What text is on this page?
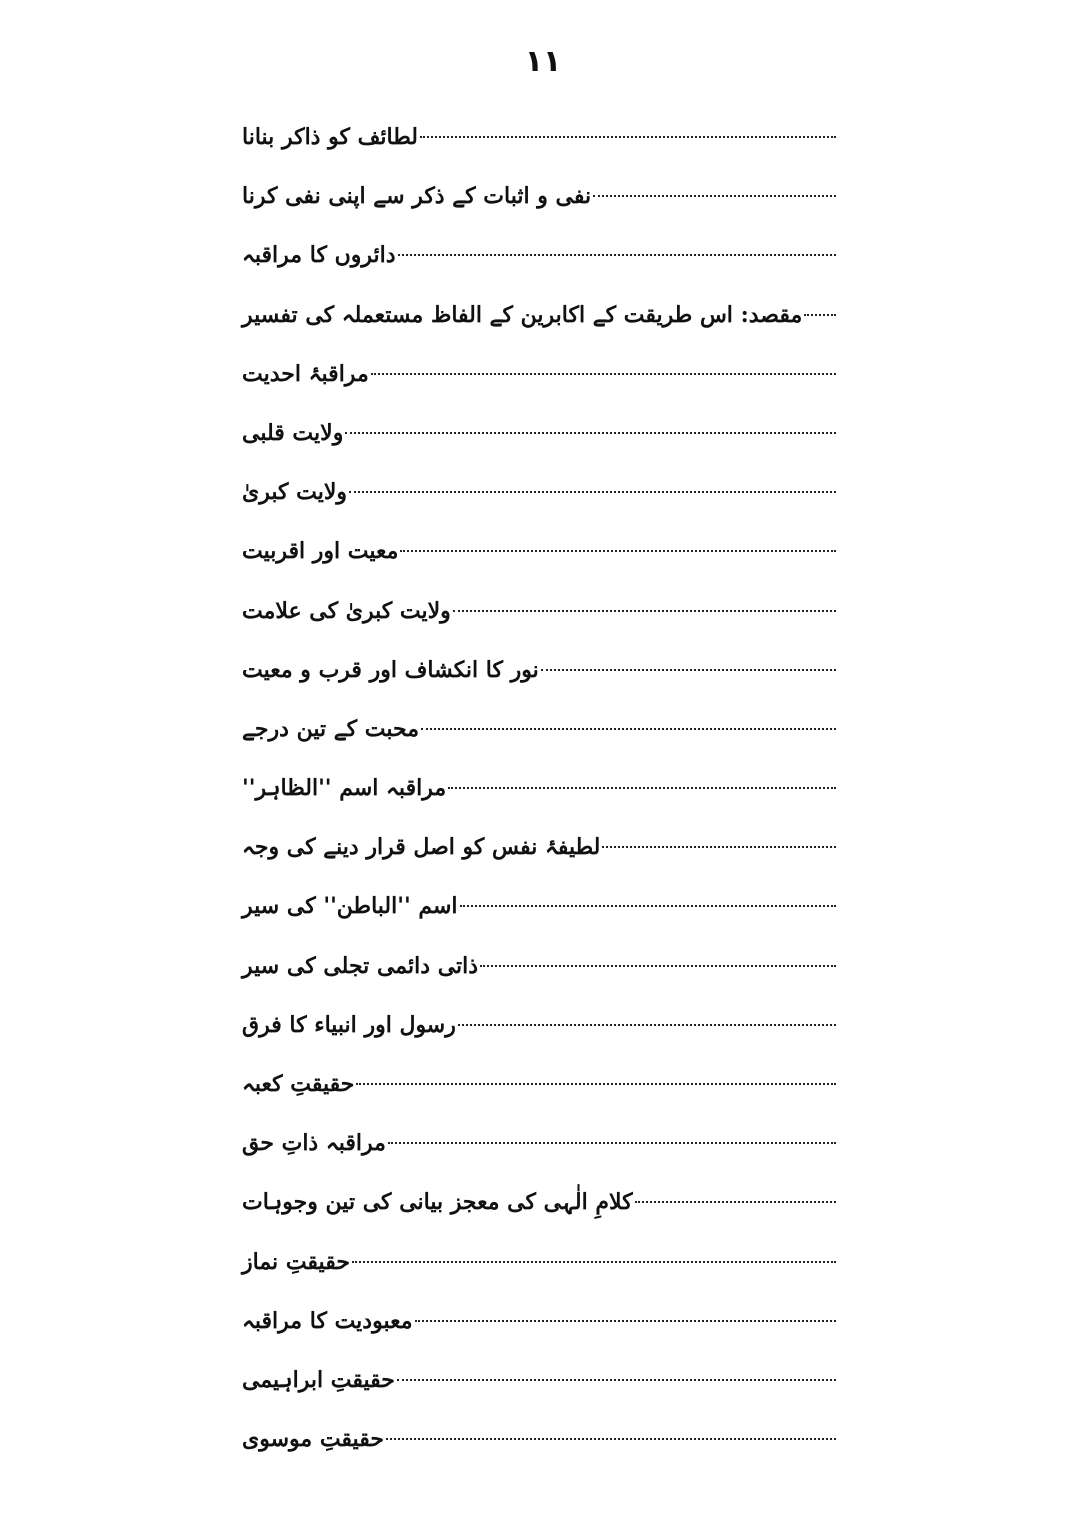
١١
لطائف کو ذاکر بنانا
نفی و اثبات کے ذکر سے اپنی نفی کرنا
دائروں کا مراقبہ
مقصد: اس طریقت کے اکابرین کے الفاظ مستعملہ کی تفسیر
مراقبۂ احدیت
ولایت قلبی
ولایت کبریٰ
معیت اور اقربیت
ولایت کبریٰ کی علامت
نور کا انکشاف اور قرب و معیت
محبت کے تین درجے
مراقبہ اسم ''الظاہر''
لطیفۂ نفس کو اصل قرار دینے کی وجہ
اسم ''الباطن'' کی سیر
ذاتی دائمی تجلی کی سیر
رسول اور انبیاء کا فرق
حقیقتِ کعبہ
مراقبہ ذاتِ حق
کلامِ الٰہی کی معجز بیانی کی تین وجوہات
حقیقتِ نماز
معبودیت کا مراقبہ
حقیقتِ ابراہیمی
حقیقتِ موسوی
